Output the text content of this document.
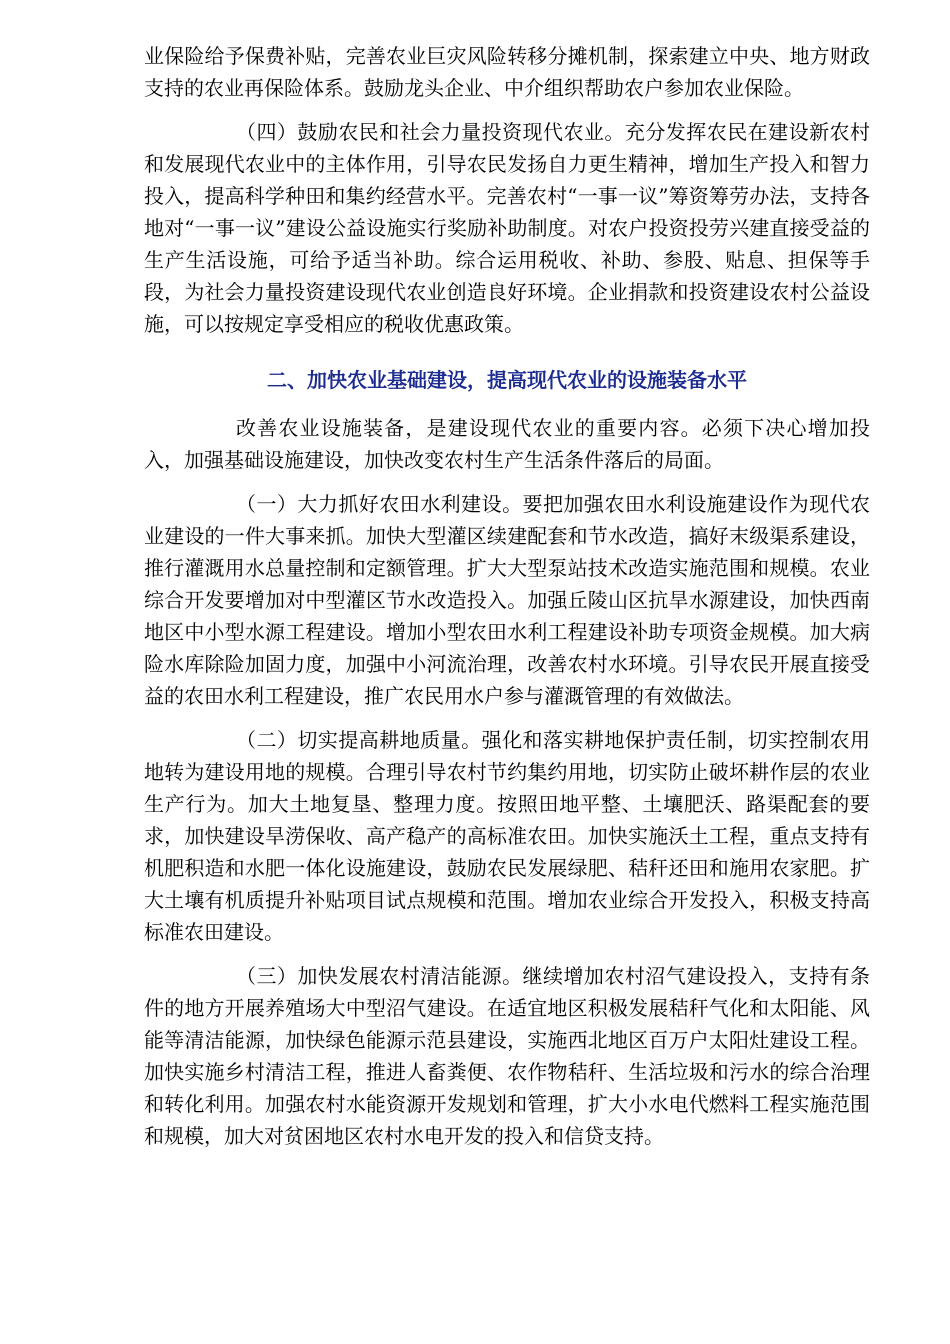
业保险给予保费补贴，完善农业巨灾风险转移分摊机制，探索建立中央、地方财政支持的农业再保险体系。鼓励龙头企业、中介组织帮助农户参加农业保险。

（四）鼓励农民和社会力量投资现代农业。充分发挥农民在建设新农村和发展现代农业中的主体作用，引导农民发扬自力更生精神，增加生产投入和智力投入，提高科学种田和集约经营水平。完善农村“一事一议”筹资筹劳办法，支持各地对“一事一议”建设公益设施实行奖励补助制度。对农户投资投劳兴建直接受益的生产生活设施，可给予适当补助。综合运用税收、补助、参股、贴息、担保等手段，为社会力量投资建设现代农业创造良好环境。企业捐款和投资建设农村公益设施，可以按规定享受相应的税收优惠政策。

二、加快农业基础建设，提高现代农业的设施装备水平

改善农业设施装备，是建设现代农业的重要内容。必须下决心增加投入，加强基础设施建设，加快改变农村生产生活条件落后的局面。

（一）大力抓好农田水利建设。要把加强农田水利设施建设作为现代农业建设的一件大事来抓。加快大型灌区续建配套和节水改造，搞好末级渠系建设，推行灌溉用水总量控制和定额管理。扩大大型泵站技术改造实施范围和规模。农业综合开发要增加对中型灌区节水改造投入。加强丘陵山区抗旱水源建设，加快西南地区中小型水源工程建设。增加小型农田水利工程建设补助专项资金规模。加大病险水库除险加固力度，加强中小河流治理，改善农村水环境。引导农民开展直接受益的农田水利工程建设，推广农民用水户参与灌溉管理的有效做法。

（二）切实提高耕地质量。强化和落实耕地保护责任制，切实控制农用地转为建设用地的规模。合理引导农村节约集约用地，切实防止破坏耕作层的农业生产行为。加大土地复垦、整理力度。按照田地平整、土壤肥沃、路渠配套的要求，加快建设旱涝保收、高产稳产的高标准农田。加快实施沃土工程，重点支持有机肥积造和水肥一体化设施建设，鼓励农民发展绿肥、秸秆还田和施用农家肥。扩大土壤有机质提升补贴项目试点规模和范围。增加农业综合开发投入，积极支持高标准农田建设。

（三）加快发展农村清洁能源。继续增加农村沼气建设投入，支持有条件的地方开展养殖场大中型沼气建设。在适宜地区积极发展秸秆气化和太阳能、风能等清洁能源，加快绿色能源示范县建设，实施西北地区百万户太阳灶建设工程。加快实施乡村清洁工程，推进人畜粪便、农作物秸秆、生活垃圾和污水的综合治理和转化利用。加强农村水能资源开发规划和管理，扩大小水电代燃料工程实施范围和规模，加大对贫困地区农村水电开发的投入和信贷支持。
